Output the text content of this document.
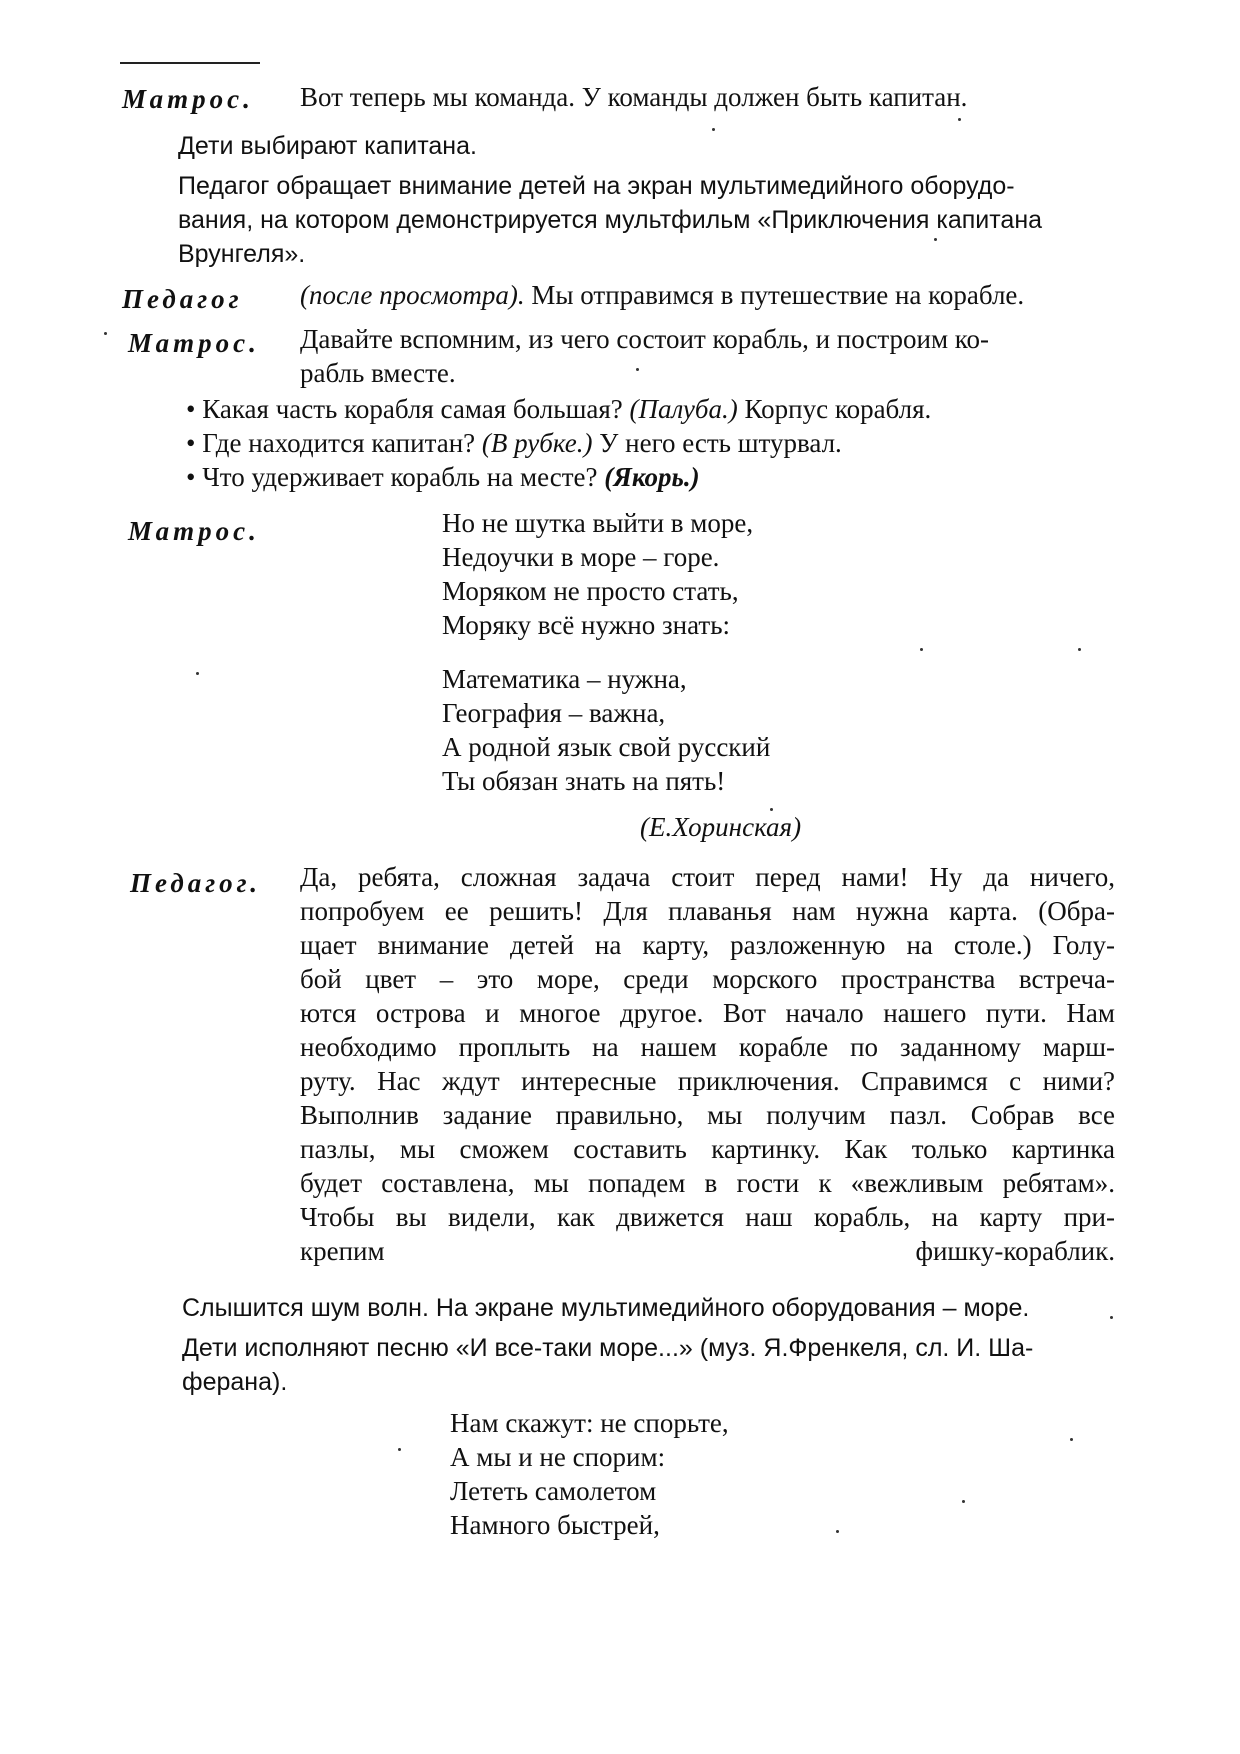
Матрос. Вот теперь мы команда. У команды должен быть капитан.
Дети выбирают капитана.
Педагог обращает внимание детей на экран мультимедийного оборудо-
вания, на котором демонстрируется мультфильм «Приключения капитана
Врунгеля».
Педагог (после просмотра). Мы отправимся в путешествие на корабле.
Матрос. Давайте вспомним, из чего состоит корабль, и построим ко-
рабль вместе.
• Какая часть корабля самая большая? (Палуба.) Корпус корабля.
• Где находится капитан? (В рубке.) У него есть штурвал.
• Что удерживает корабль на месте? (Якорь.)
Матрос.	Но не шутка выйти в море,
Недоучки в море – горе.
Моряком не просто стать,
Моряку всё нужно знать:
Математика – нужна,
География – важна,
А родной язык свой русский
Ты обязан знать на пять!
(Е.Хоринская)
Педагог. Да, ребята, сложная задача стоит перед нами! Ну да ничего,
попробуем ее решить! Для плаванья нам нужна карта. (Обра-
щает внимание детей на карту, разложенную на столе.) Голу-
бой цвет – это море, среди морского пространства встреча-
ются острова и многое другое. Вот начало нашего пути. Нам
необходимо проплыть на нашем корабле по заданному марш-
руту. Нас ждут интересные приключения. Справимся с ними?
Выполнив задание правильно, мы получим пазл. Собрав все
пазлы, мы сможем составить картинку. Как только картинка
будет составлена, мы попадем в гости к «вежливым ребятам».
Чтобы вы видели, как движется наш корабль, на карту при-
крепим фишку-кораблик.
Слышится шум волн. На экране мультимедийного оборудования – море.
Дети исполняют песню «И все-таки море...» (муз. Я.Френкеля, сл. И. Ша-
ферана).
Нам скажут: не спорьте,
А мы и не спорим:
Лететь самолетом
Намного быстрей,
